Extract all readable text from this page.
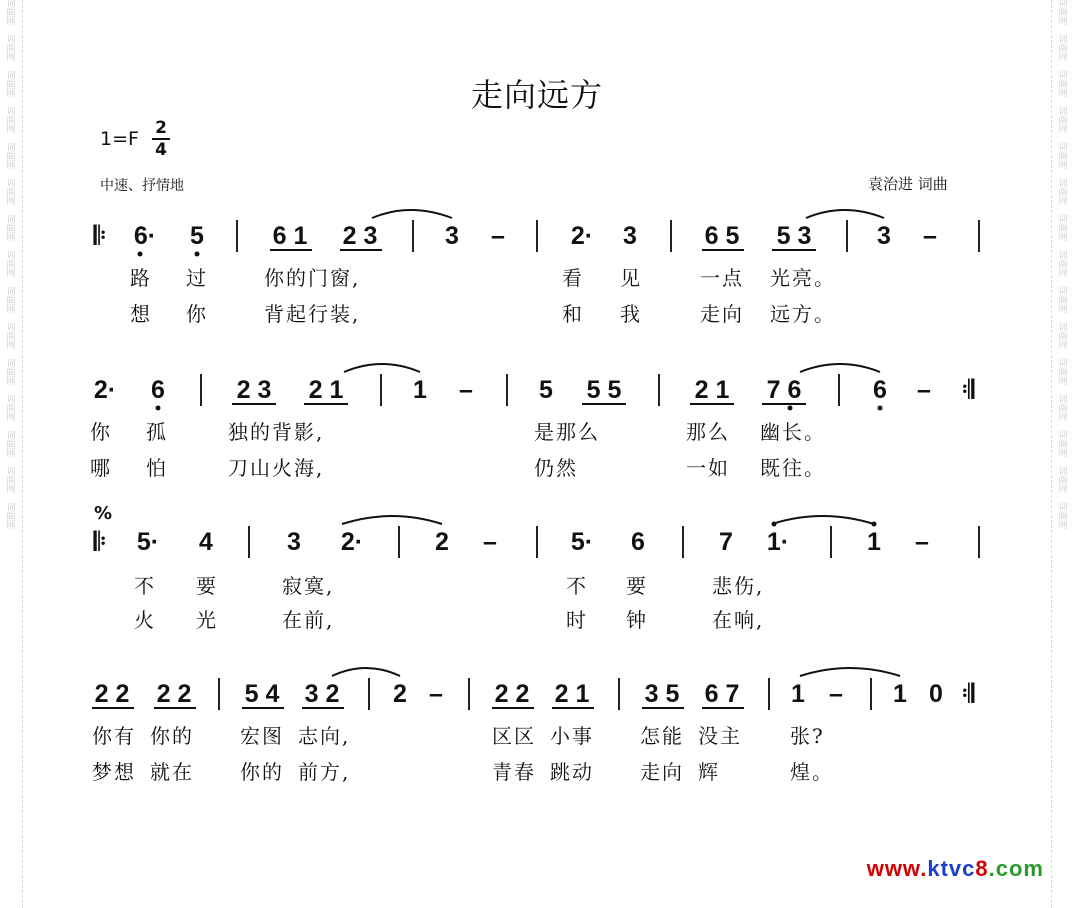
词
曲
网

词
曲
网

词
曲
网

词
曲
网

词
曲
网

词
曲
网

词
曲
网

词
曲
网

词
曲
网

词
曲
网

词
曲
网

词
曲
网

词
曲
网

词
曲
网

词
曲
网
词
曲
网

词
曲
网

词
曲
网

词
曲
网

词
曲
网

词
曲
网

词
曲
网

词
曲
网

词
曲
网

词
曲
网

词
曲
网

词
曲
网

词
曲
网

词
曲
网

词
曲
网
走向远方
$1=F \frac{2}{4}$
中速、抒情地	袁治进 词曲
𝄆 6· 5	6 1 2 3	3 –	2· 3	6 5 5 3	3 –
路 过	你的门窗,	看 见	一点 光亮。
想 你	背起行装,	和 我	走向 远方。
2· 6	2 3 2 1	1 –	5 5 5	2 1 7 6	6 – 𝄇
你 孤	独的背影,	是那么	那么 幽长。
哪 怕	刀山火海,	仍然	一如 既往。
%
𝄆 5· 4	3 2·	2 –	5· 6	7 1·	1 –
不 要	寂寞,	不 要	悲伤,
火 光	在前,	时 钟	在响,
2 2 2 2 5 4 3 2 2 – 2 2 2 1 3 5 6 7 1 – 1 0 𝄇
你有 你的 宏图 志向,	区区 小事 怎能 没主 张?
梦想 就在 你的 前方,	青春 跳动 走向 辉	煌。
www.ktvc8.com
